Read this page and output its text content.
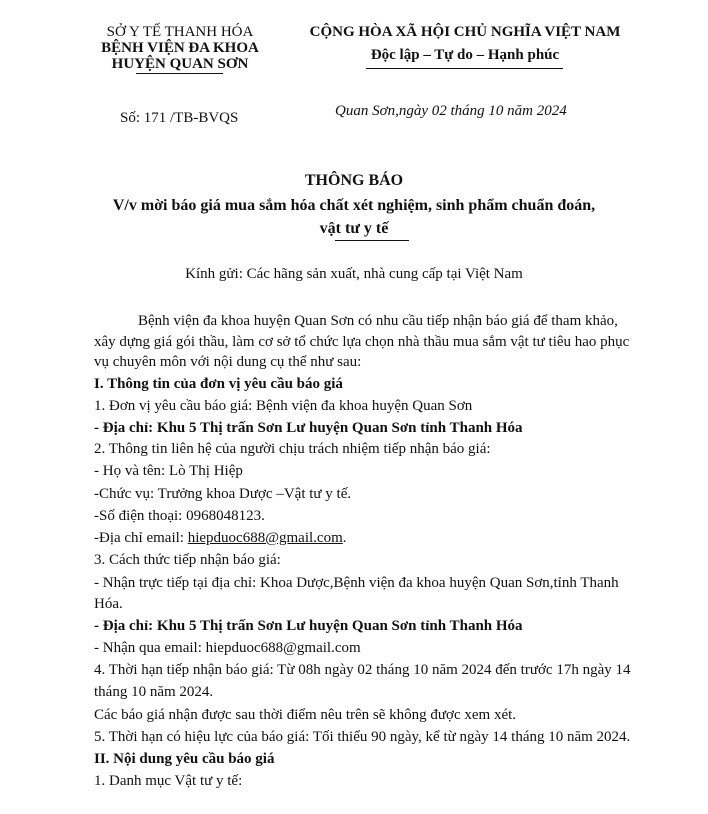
SỞ Y TẾ THANH HÓA
BỆNH VIỆN ĐA KHOA
HUYỆN QUAN SƠN
CỘNG HÒA XÃ HỘI CHỦ NGHĨA VIỆT NAM
Độc lập – Tự do – Hạnh phúc
Số: 171 /TB-BVQS	Quan Sơn,ngày 02 tháng 10 năm 2024
THÔNG BÁO
V/v mời báo giá mua sắm hóa chất xét nghiệm, sinh phẩm chuẩn đoán,
vật tư y tế
Kính gửi: Các hãng sản xuất, nhà cung cấp tại Việt Nam
Bệnh viện đa khoa huyện Quan Sơn có nhu cầu tiếp nhận báo giá để tham khảo,
xây dựng giá gói thầu, làm cơ sở tổ chức lựa chọn nhà thầu mua sắm vật tư tiêu hao phục
vụ chuyên môn với nội dung cụ thể như sau:
I. Thông tin của đơn vị yêu cầu báo giá
1. Đơn vị yêu cầu báo giá: Bệnh viện đa khoa huyện Quan Sơn
- Địa chỉ: Khu 5 Thị trấn Sơn Lư huyện Quan Sơn tỉnh Thanh Hóa
2. Thông tin liên hệ của người chịu trách nhiệm tiếp nhận báo giá:
- Họ và tên: Lò Thị Hiệp
-Chức vụ: Trưởng khoa Dược –Vật tư y tế.
-Số điện thoại: 0968048123.
-Địa chỉ email: hiepduoc688@gmail.com.
3. Cách thức tiếp nhận báo giá:
- Nhận trực tiếp tại địa chỉ: Khoa Dược,Bệnh viện đa khoa huyện Quan Sơn,tỉnh Thanh
Hóa.
- Địa chỉ: Khu 5 Thị trấn Sơn Lư huyện Quan Sơn tỉnh Thanh Hóa
- Nhận qua email: hiepduoc688@gmail.com
4. Thời hạn tiếp nhận báo giá: Từ 08h ngày 02 tháng 10 năm 2024 đến trước 17h ngày 14
tháng 10 năm 2024.
Các báo giá nhận được sau thời điểm nêu trên sẽ không được xem xét.
5. Thời hạn có hiệu lực của báo giá: Tối thiểu 90 ngày, kể từ ngày 14 tháng 10 năm 2024.
II. Nội dung yêu cầu báo giá
1. Danh mục Vật tư y tế:
